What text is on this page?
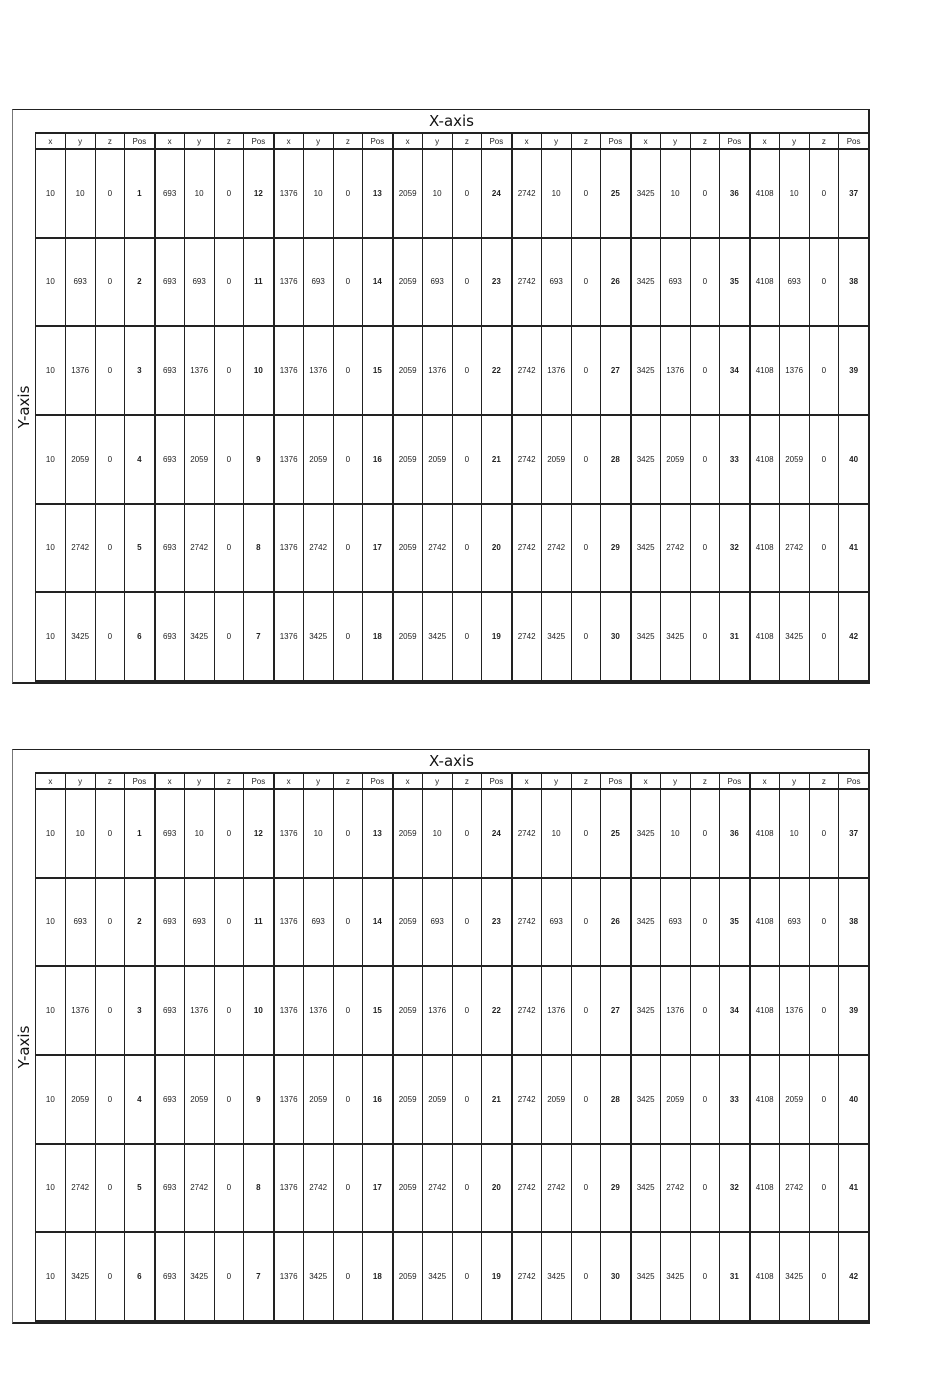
X-axis
Y-axis
x	y	z	Pos	x	y	z	Pos	x	y	z	Pos	x	y	z	Pos	x	y	z	Pos	x	y	z	Pos	x	y	z	Pos
10	10	0	1	693	10	0	12	1376	10	0	13	2059	10	0	24	2742	10	0	25	3425	10	0	36	4108	10	0	37
10	693	0	2	693	693	0	11	1376	693	0	14	2059	693	0	23	2742	693	0	26	3425	693	0	35	4108	693	0	38
10	1376	0	3	693	1376	0	10	1376	1376	0	15	2059	1376	0	22	2742	1376	0	27	3425	1376	0	34	4108	1376	0	39
10	2059	0	4	693	2059	0	9	1376	2059	0	16	2059	2059	0	21	2742	2059	0	28	3425	2059	0	33	4108	2059	0	40
10	2742	0	5	693	2742	0	8	1376	2742	0	17	2059	2742	0	20	2742	2742	0	29	3425	2742	0	32	4108	2742	0	41
10	3425	0	6	693	3425	0	7	1376	3425	0	18	2059	3425	0	19	2742	3425	0	30	3425	3425	0	31	4108	3425	0	42
X-axis
Y-axis
x	y	z	Pos	x	y	z	Pos	x	y	z	Pos	x	y	z	Pos	x	y	z	Pos	x	y	z	Pos	x	y	z	Pos
10	10	0	1	693	10	0	12	1376	10	0	13	2059	10	0	24	2742	10	0	25	3425	10	0	36	4108	10	0	37
10	693	0	2	693	693	0	11	1376	693	0	14	2059	693	0	23	2742	693	0	26	3425	693	0	35	4108	693	0	38
10	1376	0	3	693	1376	0	10	1376	1376	0	15	2059	1376	0	22	2742	1376	0	27	3425	1376	0	34	4108	1376	0	39
10	2059	0	4	693	2059	0	9	1376	2059	0	16	2059	2059	0	21	2742	2059	0	28	3425	2059	0	33	4108	2059	0	40
10	2742	0	5	693	2742	0	8	1376	2742	0	17	2059	2742	0	20	2742	2742	0	29	3425	2742	0	32	4108	2742	0	41
10	3425	0	6	693	3425	0	7	1376	3425	0	18	2059	3425	0	19	2742	3425	0	30	3425	3425	0	31	4108	3425	0	42
